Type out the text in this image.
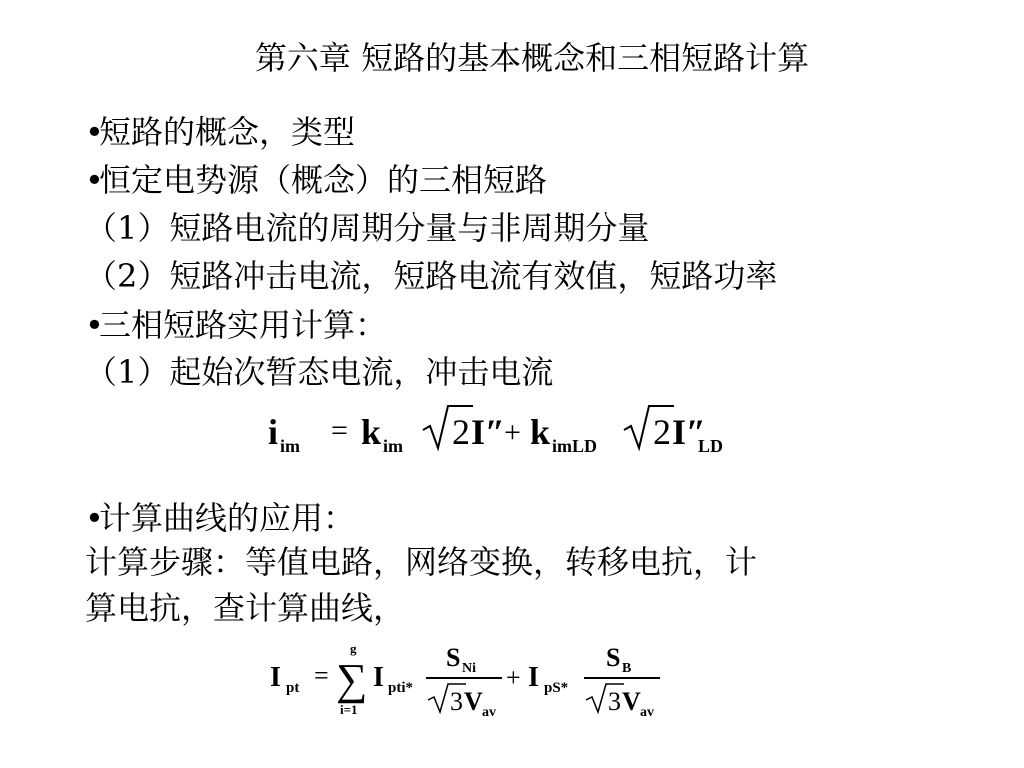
第六章 短路的基本概念和三相短路计算
•短路的概念，类型
•恒定电势源（概念）的三相短路
（1）短路电流的周期分量与非周期分量
（2）短路冲击电流，短路电流有效值，短路功率
•三相短路实用计算：
（1）起始次暂态电流，冲击电流
i im = k im 2 I″ + k imLD 2 I″
LD
•计算曲线的应用：
计算步骤：等值电路，网络变换，转移电抗，计
算电抗，查计算曲线，
I pt =
g
∑
i=1
I pti*
S Ni
3 V av
+ I pS*
S B
3 V av
